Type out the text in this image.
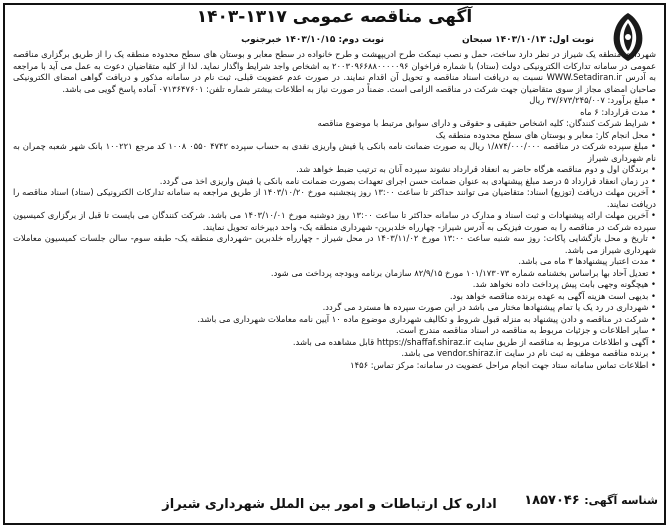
آگهی مناقصه عمومی ۱۳۱۷-۱۴۰۳
نوبت اول: ۱۴۰۳/۱۰/۱۳ سبحان
نوبت دوم: ۱۴۰۳/۱۰/۱۵ خبرجنوب

شهرداری منطقه یک شیراز در نظر دارد ساخت، حمل و نصب نیمکت طرح ادریپهشت و طرح خانواده در سطح معابر و بوستان های سطح محدوده منطقه یک را از طریق برگزاری مناقصه عمومی در سامانه تدارکات الکترونیکی دولت (ستاد) با شماره فراخوان ۲۰۰۳۰۹۶۶۸۸۰۰۰۰۰۹۶ به اشخاص واجد شرایط واگذار نماید. لذا از کلیه متقاضیان دعوت به عمل می آید با مراجعه به آدرس WWW.Setadiran.ir نسبت به دریافت اسناد مناقصه و تحویل آن اقدام نمایند. در صورت عدم عضویت قبلی، ثبت نام در سامانه مذکور و دریافت گواهی امضای الکترونیکی صاحبان امضای مجاز از سوی متقاضیان جهت شرکت در مناقصه الزامی است. ضمناً در صورت نیاز به اطلاعات بیشتر شماره تلفن: ۰۷۱۳۶۴۷۶۰۱ آماده پاسخ گویی می باشد.

• مبلغ برآورد: ۳۷/۶۷۳/۲۴۵/۰۰۷ ریال
• مدت قرارداد: ۶ ماه
• شرایط شرکت کنندگان: کلیه اشخاص حقیقی و حقوقی و دارای سوابق مرتبط با موضوع مناقصه
• محل انجام کار: معابر و بوستان های سطح محدوده منطقه یک
• مبلغ سپرده شرکت در مناقصه ۱/۸۷۴/۰۰۰/۰۰۰ ریال به صورت ضمانت نامه بانکی یا فیش واریزی نقدی به حساب سپرده ۴۷۴۲ ۰۵۵۰ ۱۰۰۸ کد مرجع ۱۰۰۲۲۱ بانک شهر شعبه چمران به نام شهرداری شیراز
• برندگان اول و دوم مناقصه هرگاه حاضر به انعقاد قرارداد نشوند سپرده آنان به ترتیب ضبط خواهد شد.
• در زمان انعقاد قرارداد ۵ درصد مبلغ پیشنهادی به عنوان ضمانت حسن اجرای تعهدات بصورت ضمانت نامه بانکی یا فیش واریزی اخذ می گردد.
• آخرین مهلت دریافت (توزیع) اسناد: متقاضیان می توانند حداکثر تا ساعت ۱۳:۰۰ روز پنجشنبه مورخ ۱۴۰۳/۱۰/۲۰ از طریق مراجعه به سامانه تدارکات الکترونیکی (ستاد) اسناد مناقصه را دریافت نمایند.
• آخرین مهلت ارائه پیشنهادات و ثبت اسناد و مدارک در سامانه حداکثر تا ساعت ۱۳:۰۰ روز دوشنبه مورخ ۱۴۰۳/۱۰/۰۱ می باشد. شرکت کنندگان می بایست تا قبل از برگزاری کمیسیون سپرده شرکت در مناقصه را به صورت فیزیکی به آدرس شیراز- چهارراه خلدبرین- شهرداری منطقه یک- واحد دبیرخانه تحویل نمایند.
• تاریخ و محل بازگشایی پاکات: روز سه شنبه ساعت ۱۳:۰۰ مورخ ۱۴۰۳/۱۱/۰۲ در محل شیراز - چهارراه خلدبرین -شهرداری منطقه یک- طبقه سوم- سالن جلسات کمیسیون معاملات شهرداری شیراز می باشد.
• مدت اعتبار پیشنهادها ۳ ماه می باشد.
• تعدیل آحاد بها براساس بخشنامه شماره ۱۰۱/۱۷۳۰۷۳ مورخ ۸۲/۹/۱۵ سازمان برنامه وبودجه پرداخت می شود.
• هیچگونه وجهی بابت پیش پرداخت داده نخواهد شد.
• بدیهی است هزینه آگهی به عهده برنده مناقصه خواهد بود.
• شهرداری در رد یک یا تمام پیشنهادها مختار می باشد در این صورت سپرده ها مسترد می گردد.
• شرکت در مناقصه و دادن پیشنهاد به منزله قبول شروط و تکالیف شهرداری موضوع ماده ۱۰ آیین نامه معاملات شهرداری می باشد.
• سایر اطلاعات و جزئیات مربوط به مناقصه در اسناد مناقصه مندرج است.
• آگهی و اطلاعات مربوط به مناقصه از طریق سایت https://shaffaf.shiraz.ir قابل مشاهده می باشد.
• برنده مناقصه موظف به ثبت نام در سایت vendor.shiraz.ir می باشد.
• اطلاعات تماس سامانه ستاد جهت انجام مراحل عضویت در سامانه: مرکز تماس: ۱۴۵۶
شناسه آگهی: ۱۸۵۷۰۴۶
اداره کل ارتباطات و امور بین الملل شهرداری شیراز
